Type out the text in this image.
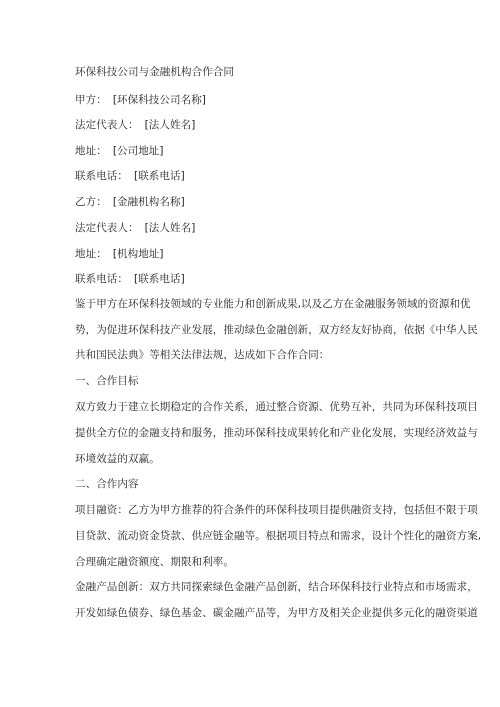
环保科技公司与金融机构合作合同
甲方： [环保科技公司名称]
法定代表人： [法人姓名]
地址： [公司地址]
联系电话： [联系电话]
乙方： [金融机构名称]
法定代表人： [法人姓名]
地址： [机构地址]
联系电话： [联系电话]
鉴于甲方在环保科技领域的专业能力和创新成果,以及乙方在金融服务领域的资源和优
势，为促进环保科技产业发展，推动绿色金融创新，双方经友好协商，依据《中华人民
共和国民法典》等相关法律法规，达成如下合作合同：
一、合作目标
双方致力于建立长期稳定的合作关系，通过整合资源、优势互补，共同为环保科技项目
提供全方位的金融支持和服务，推动环保科技成果转化和产业化发展，实现经济效益与
环境效益的双赢。
二、合作内容
项目融资：乙方为甲方推荐的符合条件的环保科技项目提供融资支持，包括但不限于项
目贷款、流动资金贷款、供应链金融等。根据项目特点和需求，设计个性化的融资方案,
合理确定融资额度、期限和利率。
金融产品创新：双方共同探索绿色金融产品创新，结合环保科技行业特点和市场需求，
开发如绿色债券、绿色基金、碳金融产品等，为甲方及相关企业提供多元化的融资渠道
